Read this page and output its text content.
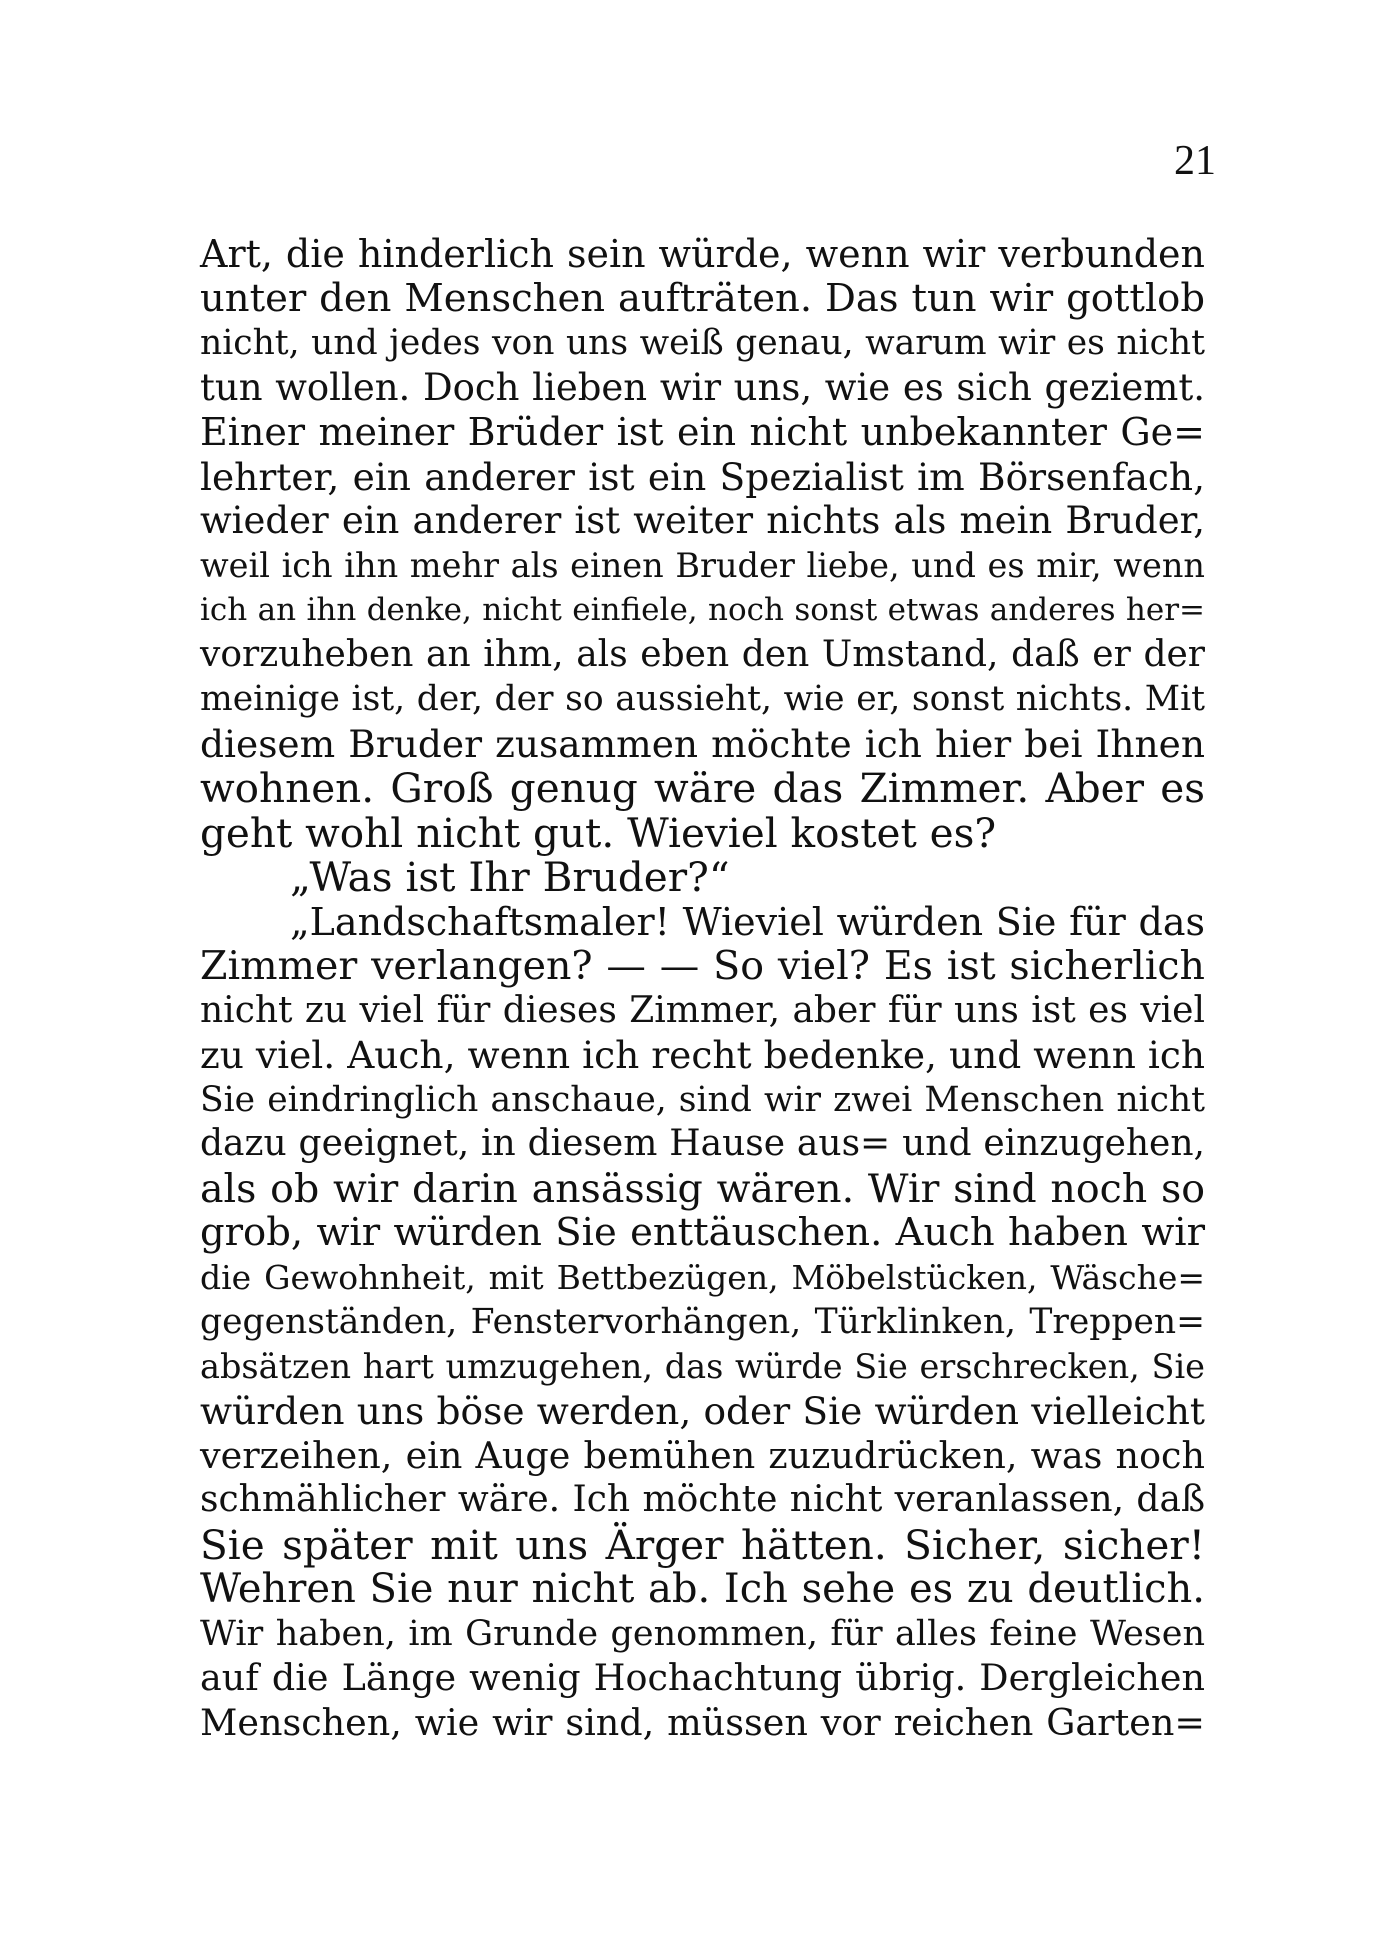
21
Art, die hinderlich sein würde, wenn wir verbunden
unter den Menschen aufträten. Das tun wir gottlob
nicht, und jedes von uns weiß genau, warum wir es nicht
tun wollen. Doch lieben wir uns, wie es sich geziemt.
Einer meiner Brüder ist ein nicht unbekannter Ge=
lehrter, ein anderer ist ein Spezialist im Börsenfach,
wieder ein anderer ist weiter nichts als mein Bruder,
weil ich ihn mehr als einen Bruder liebe, und es mir, wenn
ich an ihn denke, nicht einfiele, noch sonst etwas anderes her=
vorzuheben an ihm, als eben den Umstand, daß er der
meinige ist, der, der so aussieht, wie er, sonst nichts. Mit
diesem Bruder zusammen möchte ich hier bei Ihnen
wohnen. Groß genug wäre das Zimmer. Aber es
geht wohl nicht gut. Wieviel kostet es?
„Was ist Ihr Bruder?“
„Landschaftsmaler! Wieviel würden Sie für das
Zimmer verlangen? — — So viel? Es ist sicherlich
nicht zu viel für dieses Zimmer, aber für uns ist es viel
zu viel. Auch, wenn ich recht bedenke, und wenn ich
Sie eindringlich anschaue, sind wir zwei Menschen nicht
dazu geeignet, in diesem Hause aus= und einzugehen,
als ob wir darin ansässig wären. Wir sind noch so
grob, wir würden Sie enttäuschen. Auch haben wir
die Gewohnheit, mit Bettbezügen, Möbelstücken, Wäsche=
gegenständen, Fenstervorhängen, Türklinken, Treppen=
absätzen hart umzugehen, das würde Sie erschrecken, Sie
würden uns böse werden, oder Sie würden vielleicht
verzeihen, ein Auge bemühen zuzudrücken, was noch
schmählicher wäre. Ich möchte nicht veranlassen, daß
Sie später mit uns Ärger hätten. Sicher, sicher!
Wehren Sie nur nicht ab. Ich sehe es zu deutlich.
Wir haben, im Grunde genommen, für alles feine Wesen
auf die Länge wenig Hochachtung übrig. Dergleichen
Menschen, wie wir sind, müssen vor reichen Garten=
